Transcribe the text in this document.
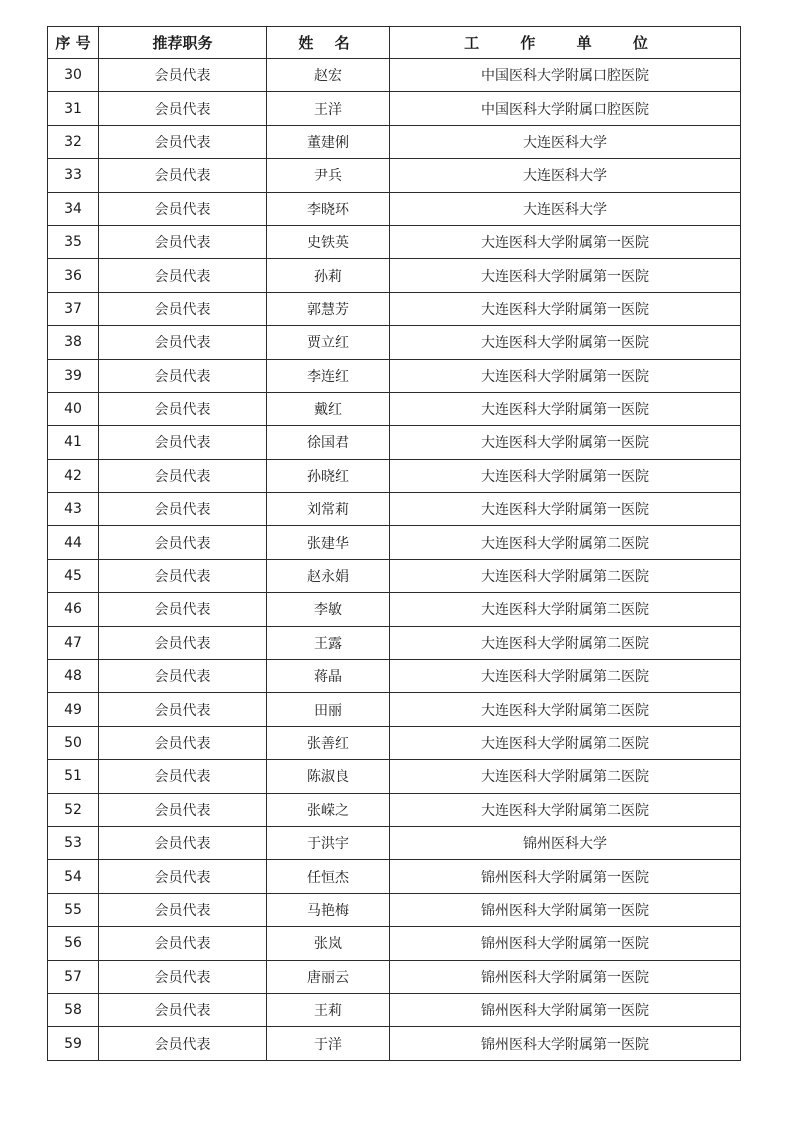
序 号	推荐职务	姓 名	工 作 单 位
30	会员代表	赵宏	中国医科大学附属口腔医院
31	会员代表	王洋	中国医科大学附属口腔医院
32	会员代表	董建俐	大连医科大学
33	会员代表	尹兵	大连医科大学
34	会员代表	李晓环	大连医科大学
35	会员代表	史铁英	大连医科大学附属第一医院
36	会员代表	孙莉	大连医科大学附属第一医院
37	会员代表	郭慧芳	大连医科大学附属第一医院
38	会员代表	贾立红	大连医科大学附属第一医院
39	会员代表	李连红	大连医科大学附属第一医院
40	会员代表	戴红	大连医科大学附属第一医院
41	会员代表	徐国君	大连医科大学附属第一医院
42	会员代表	孙晓红	大连医科大学附属第一医院
43	会员代表	刘常莉	大连医科大学附属第一医院
44	会员代表	张建华	大连医科大学附属第二医院
45	会员代表	赵永娟	大连医科大学附属第二医院
46	会员代表	李敏	大连医科大学附属第二医院
47	会员代表	王露	大连医科大学附属第二医院
48	会员代表	蒋晶	大连医科大学附属第二医院
49	会员代表	田丽	大连医科大学附属第二医院
50	会员代表	张善红	大连医科大学附属第二医院
51	会员代表	陈淑良	大连医科大学附属第二医院
52	会员代表	张嵘之	大连医科大学附属第二医院
53	会员代表	于洪宇	锦州医科大学
54	会员代表	任恒杰	锦州医科大学附属第一医院
55	会员代表	马艳梅	锦州医科大学附属第一医院
56	会员代表	张岚	锦州医科大学附属第一医院
57	会员代表	唐丽云	锦州医科大学附属第一医院
58	会员代表	王莉	锦州医科大学附属第一医院
59	会员代表	于洋	锦州医科大学附属第一医院
